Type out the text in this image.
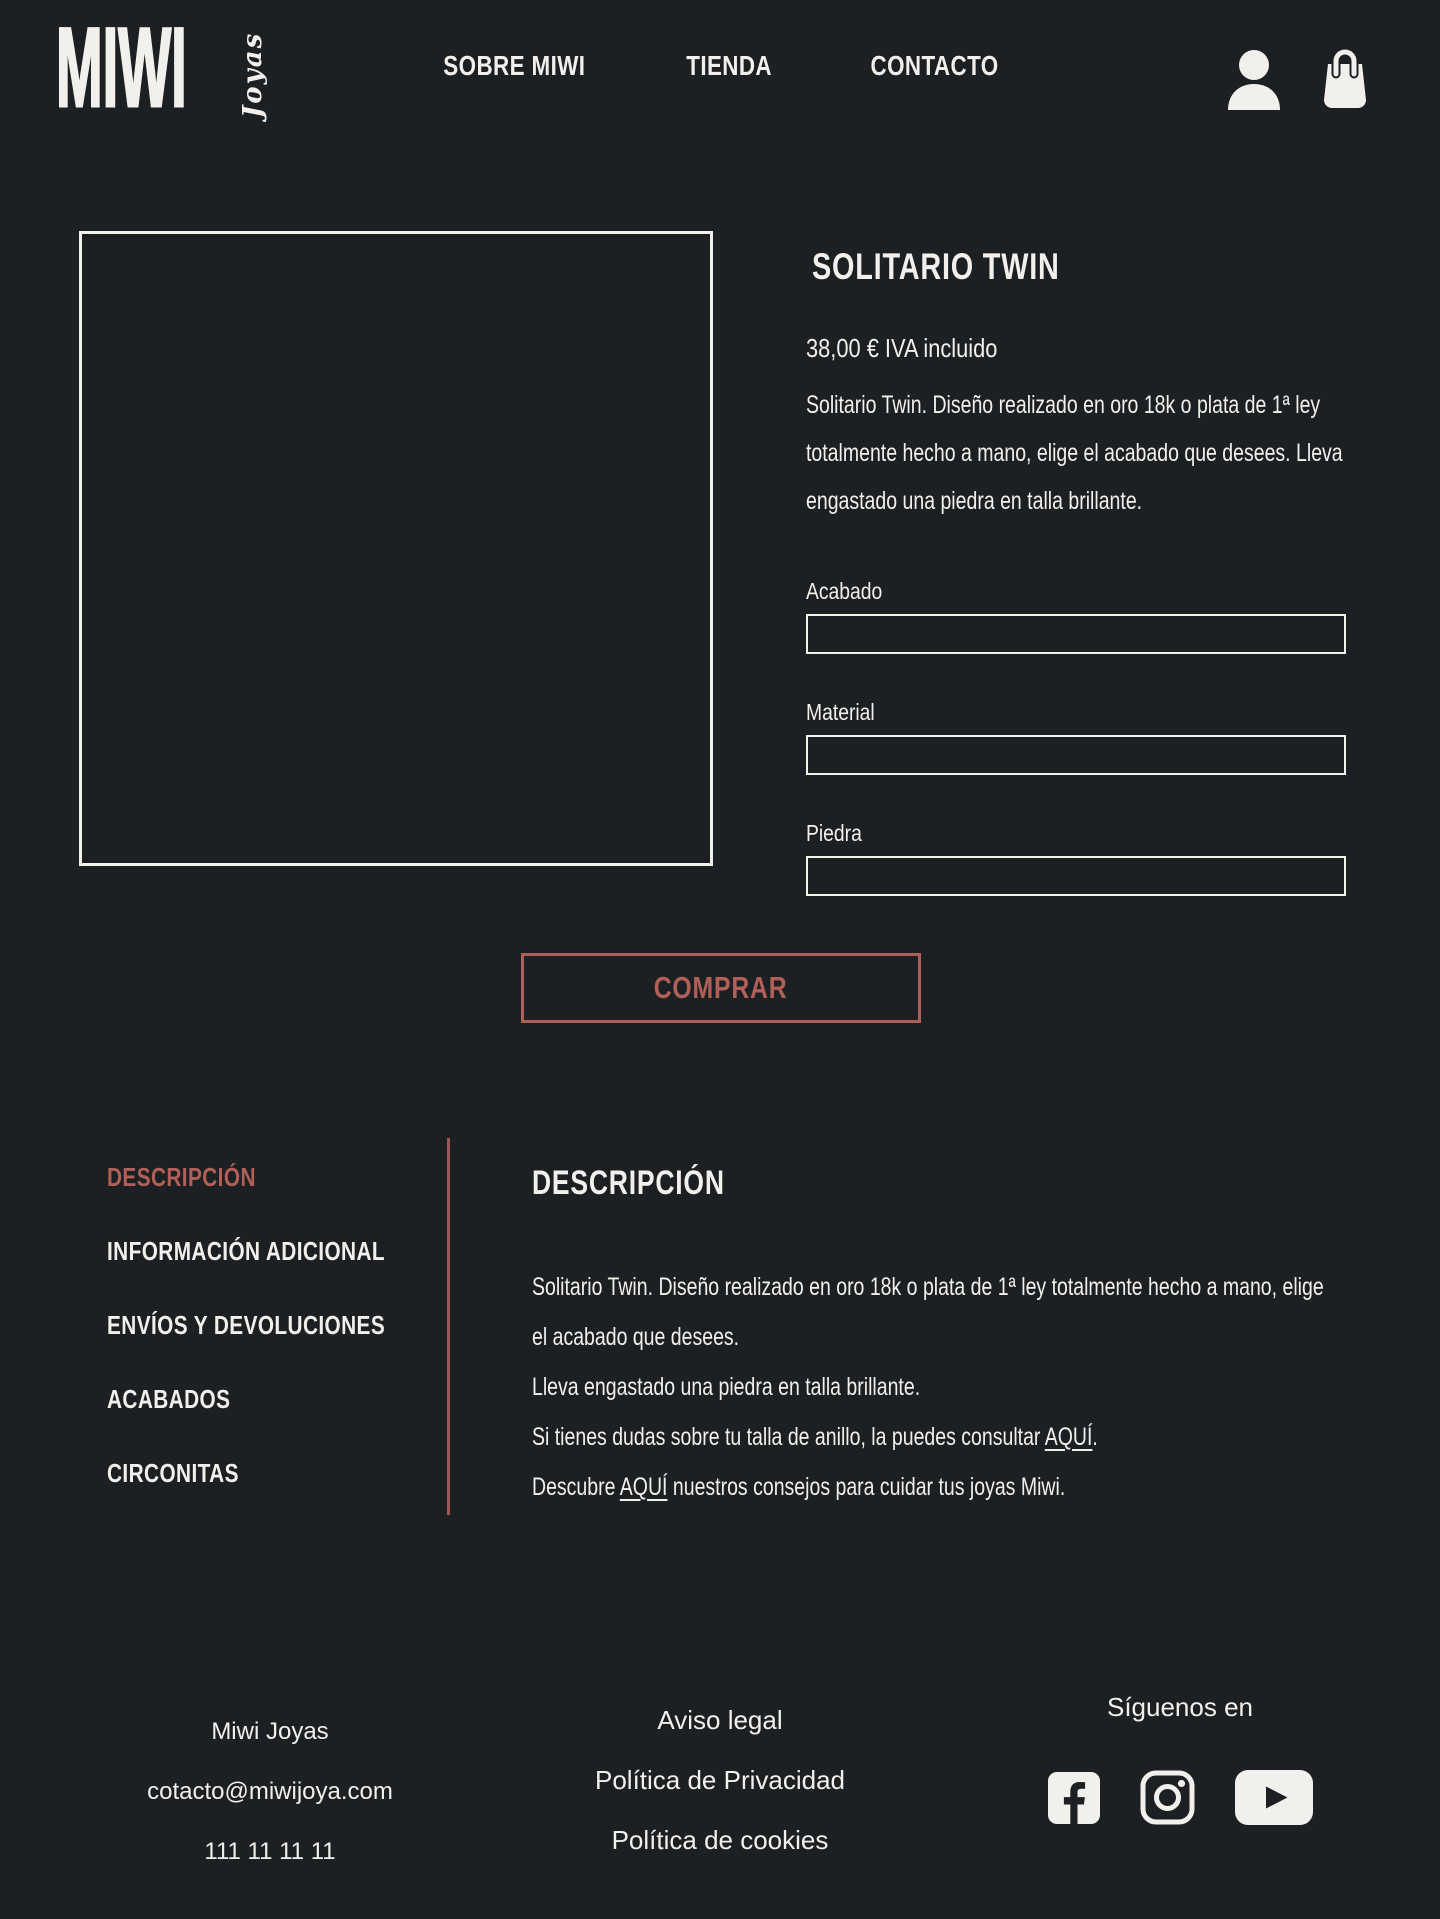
MIWI Joyas	SOBRE MIWI	TIENDA	CONTACTO
SOLITARIO TWIN
38,00 € IVA incluido

Solitario Twin. Diseño realizado en oro 18k o plata de 1ª ley totalmente hecho a mano, elige el acabado que desees. Lleva engastado una piedra en talla brillante.

Acabado
Material
Piedra
COMPRAR
DESCRIPCIÓN
INFORMACIÓN ADICIONAL
ENVÍOS Y DEVOLUCIONES
ACABADOS
CIRCONITAS
DESCRIPCIÓN

Solitario Twin. Diseño realizado en oro 18k o plata de 1ª ley totalmente hecho a mano, elige el acabado que desees.

Lleva engastado una piedra en talla brillante.

Si tienes dudas sobre tu talla de anillo, la puedes consultar AQUÍ.

Descubre AQUÍ nuestros consejos para cuidar tus joyas Miwi.

Miwi Joyas
cotacto@miwijoya.com
111 11 11 11
Aviso legal
Política de Privacidad
Política de cookies
Síguenos en
